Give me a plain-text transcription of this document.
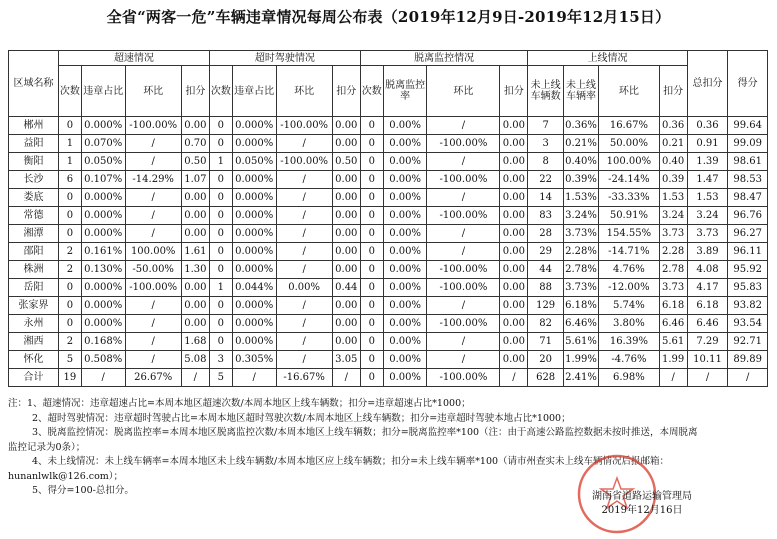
全省“两客一危”车辆违章情况每周公布表（2019年12月9日-2019年12月15日）
区域名称	超速情况				超时驾驶情况				脱离监控情况				上线情况				总扣分	得分
	次数	违章占比	环比	扣分	次数	违章占比	环比	扣分	次数	脱离监控率	环比	扣分	未上线车辆数	未上线车辆率	环比	扣分		
郴州	0	0.000%	-100.00%	0.00	0	0.000%	-100.00%	0.00	0	0.00%	/	0.00	7	0.36%	16.67%	0.36	0.36	99.64
益阳	1	0.070%	/	0.70	0	0.000%	/	0.00	0	0.00%	-100.00%	0.00	3	0.21%	50.00%	0.21	0.91	99.09
衡阳	1	0.050%	/	0.50	1	0.050%	-100.00%	0.50	0	0.00%	/	0.00	8	0.40%	100.00%	0.40	1.39	98.61
长沙	6	0.107%	-14.29%	1.07	0	0.000%	/	0.00	0	0.00%	-100.00%	0.00	22	0.39%	-24.14%	0.39	1.47	98.53
娄底	0	0.000%	/	0.00	0	0.000%	/	0.00	0	0.00%	/	0.00	14	1.53%	-33.33%	1.53	1.53	98.47
常德	0	0.000%	/	0.00	0	0.000%	/	0.00	0	0.00%	-100.00%	0.00	83	3.24%	50.91%	3.24	3.24	96.76
湘潭	0	0.000%	/	0.00	0	0.000%	/	0.00	0	0.00%	/	0.00	28	3.73%	154.55%	3.73	3.73	96.27
邵阳	2	0.161%	100.00%	1.61	0	0.000%	/	0.00	0	0.00%	/	0.00	29	2.28%	-14.71%	2.28	3.89	96.11
株洲	2	0.130%	-50.00%	1.30	0	0.000%	/	0.00	0	0.00%	-100.00%	0.00	44	2.78%	4.76%	2.78	4.08	95.92
岳阳	0	0.000%	-100.00%	0.00	1	0.044%	0.00%	0.44	0	0.00%	-100.00%	0.00	88	3.73%	-12.00%	3.73	4.17	95.83
张家界	0	0.000%	/	0.00	0	0.000%	/	0.00	0	0.00%	/	0.00	129	6.18%	5.74%	6.18	6.18	93.82
永州	0	0.000%	/	0.00	0	0.000%	/	0.00	0	0.00%	-100.00%	0.00	82	6.46%	3.80%	6.46	6.46	93.54
湘西	2	0.168%	/	1.68	0	0.000%	/	0.00	0	0.00%	/	0.00	71	5.61%	16.39%	5.61	7.29	92.71
怀化	5	0.508%	/	5.08	3	0.305%	/	3.05	0	0.00%	/	0.00	20	1.99%	-4.76%	1.99	10.11	89.89
合计	19	/	26.67%	/	5	/	-16.67%	/	0	0.00%	-100.00%	/	628	2.41%	6.98%	/	/	/
注：1、超速情况：违章超速占比=本周本地区超速次数/本周本地区上线车辆数；扣分=违章超速占比*1000；
2、超时驾驶情况：违章超时驾驶占比=本周本地区超时驾驶次数/本周本地区上线车辆数；扣分=违章超时驾驶本地占比*1000；
3、脱离监控情况：脱离监控率=本周本地区脱离监控次数/本周本地区上线车辆数；扣分=脱离监控率*100（注：由于高速公路监控数据未按时推送，本周脱离
监控记录为0条）；
4、未上线情况：未上线车辆率=本周本地区未上线车辆数/本周本地区应上线车辆数；扣分=未上线车辆率*100（请市州查实未上线车辆情况后报邮箱：
hunanlwlk@126.com）；
5、得分=100-总扣分。
湖南省道路运输管理局
2019年12月16日
